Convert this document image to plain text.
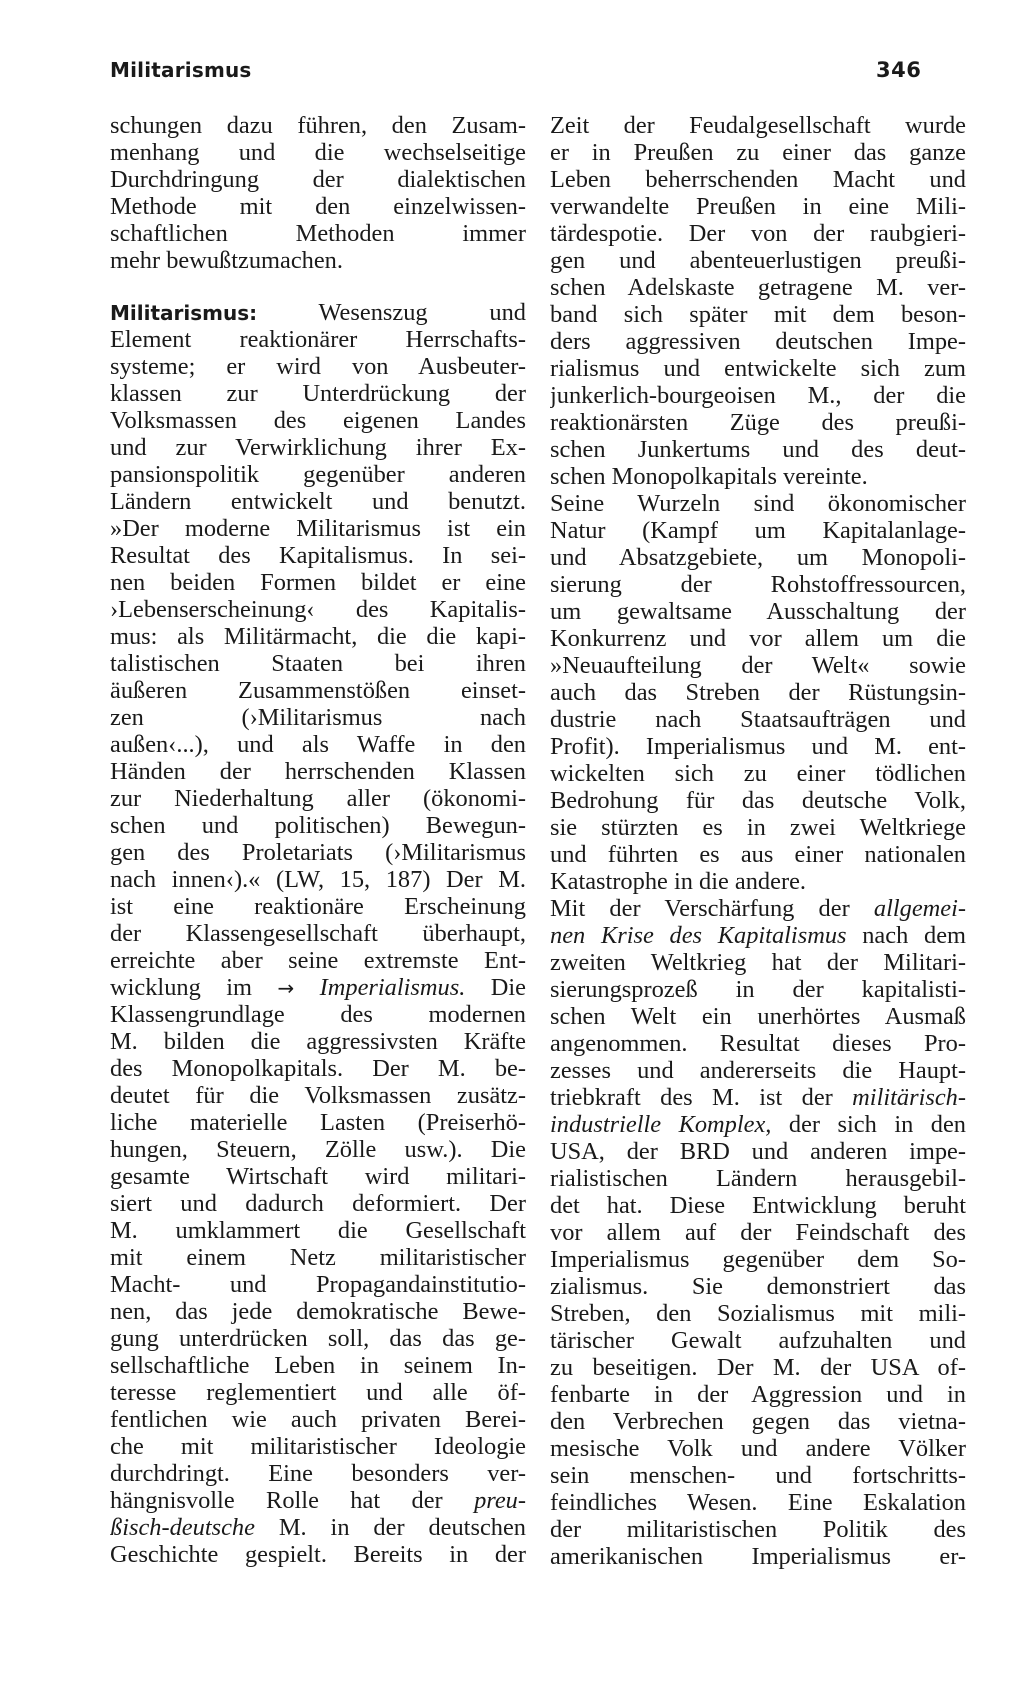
Militarismus	346
schungen dazu führen, den Zusam-
menhang und die wechselseitige
Durchdringung der dialektischen
Methode mit den einzelwissen-
schaftlichen Methoden immer
mehr bewußtzumachen.
Militarismus: Wesenszug und
Element reaktionärer Herrschafts-
systeme; er wird von Ausbeuter-
klassen zur Unterdrückung der
Volksmassen des eigenen Landes
und zur Verwirklichung ihrer Ex-
pansionspolitik gegenüber anderen
Ländern entwickelt und benutzt.
»Der moderne Militarismus ist ein
Resultat des Kapitalismus. In sei-
nen beiden Formen bildet er eine
›Lebenserscheinung‹ des Kapitalis-
mus: als Militärmacht, die die kapi-
talistischen Staaten bei ihren
äußeren Zusammenstößen einset-
zen (›Militarismus nach
außen‹...), und als Waffe in den
Händen der herrschenden Klassen
zur Niederhaltung aller (ökonomi-
schen und politischen) Bewegun-
gen des Proletariats (›Militarismus
nach innen‹).« (LW, 15, 187) Der M.
ist eine reaktionäre Erscheinung
der Klassengesellschaft überhaupt,
erreichte aber seine extremste Ent-
wicklung im → Imperialismus. Die
Klassengrundlage des modernen
M. bilden die aggressivsten Kräfte
des Monopolkapitals. Der M. be-
deutet für die Volksmassen zusätz-
liche materielle Lasten (Preiserhö-
hungen, Steuern, Zölle usw.). Die
gesamte Wirtschaft wird militari-
siert und dadurch deformiert. Der
M. umklammert die Gesellschaft
mit einem Netz militaristischer
Macht- und Propagandainstitutio-
nen, das jede demokratische Bewe-
gung unterdrücken soll, das das ge-
sellschaftliche Leben in seinem In-
teresse reglementiert und alle öf-
fentlichen wie auch privaten Berei-
che mit militaristischer Ideologie
durchdringt. Eine besonders ver-
hängnisvolle Rolle hat der preu-
ßisch-deutsche M. in der deutschen
Geschichte gespielt. Bereits in der
Zeit der Feudalgesellschaft wurde
er in Preußen zu einer das ganze
Leben beherrschenden Macht und
verwandelte Preußen in eine Mili-
tärdespotie. Der von der raubgieri-
gen und abenteuerlustigen preußi-
schen Adelskaste getragene M. ver-
band sich später mit dem beson-
ders aggressiven deutschen Impe-
rialismus und entwickelte sich zum
junkerlich-bourgeoisen M., der die
reaktionärsten Züge des preußi-
schen Junkertums und des deut-
schen Monopolkapitals vereinte.
Seine Wurzeln sind ökonomischer
Natur (Kampf um Kapitalanlage-
und Absatzgebiete, um Monopoli-
sierung der Rohstoffressourcen,
um gewaltsame Ausschaltung der
Konkurrenz und vor allem um die
»Neuaufteilung der Welt« sowie
auch das Streben der Rüstungsin-
dustrie nach Staatsaufträgen und
Profit). Imperialismus und M. ent-
wickelten sich zu einer tödlichen
Bedrohung für das deutsche Volk,
sie stürzten es in zwei Weltkriege
und führten es aus einer nationalen
Katastrophe in die andere.
Mit der Verschärfung der allgemei-
nen Krise des Kapitalismus nach dem
zweiten Weltkrieg hat der Militari-
sierungsprozeß in der kapitalisti-
schen Welt ein unerhörtes Ausmaß
angenommen. Resultat dieses Pro-
zesses und andererseits die Haupt-
triebkraft des M. ist der militärisch-
industrielle Komplex, der sich in den
USA, der BRD und anderen impe-
rialistischen Ländern herausgebil-
det hat. Diese Entwicklung beruht
vor allem auf der Feindschaft des
Imperialismus gegenüber dem So-
zialismus. Sie demonstriert das
Streben, den Sozialismus mit mili-
tärischer Gewalt aufzuhalten und
zu beseitigen. Der M. der USA of-
fenbarte in der Aggression und in
den Verbrechen gegen das vietna-
mesische Volk und andere Völker
sein menschen- und fortschritts-
feindliches Wesen. Eine Eskalation
der militaristischen Politik des
amerikanischen Imperialismus er-
